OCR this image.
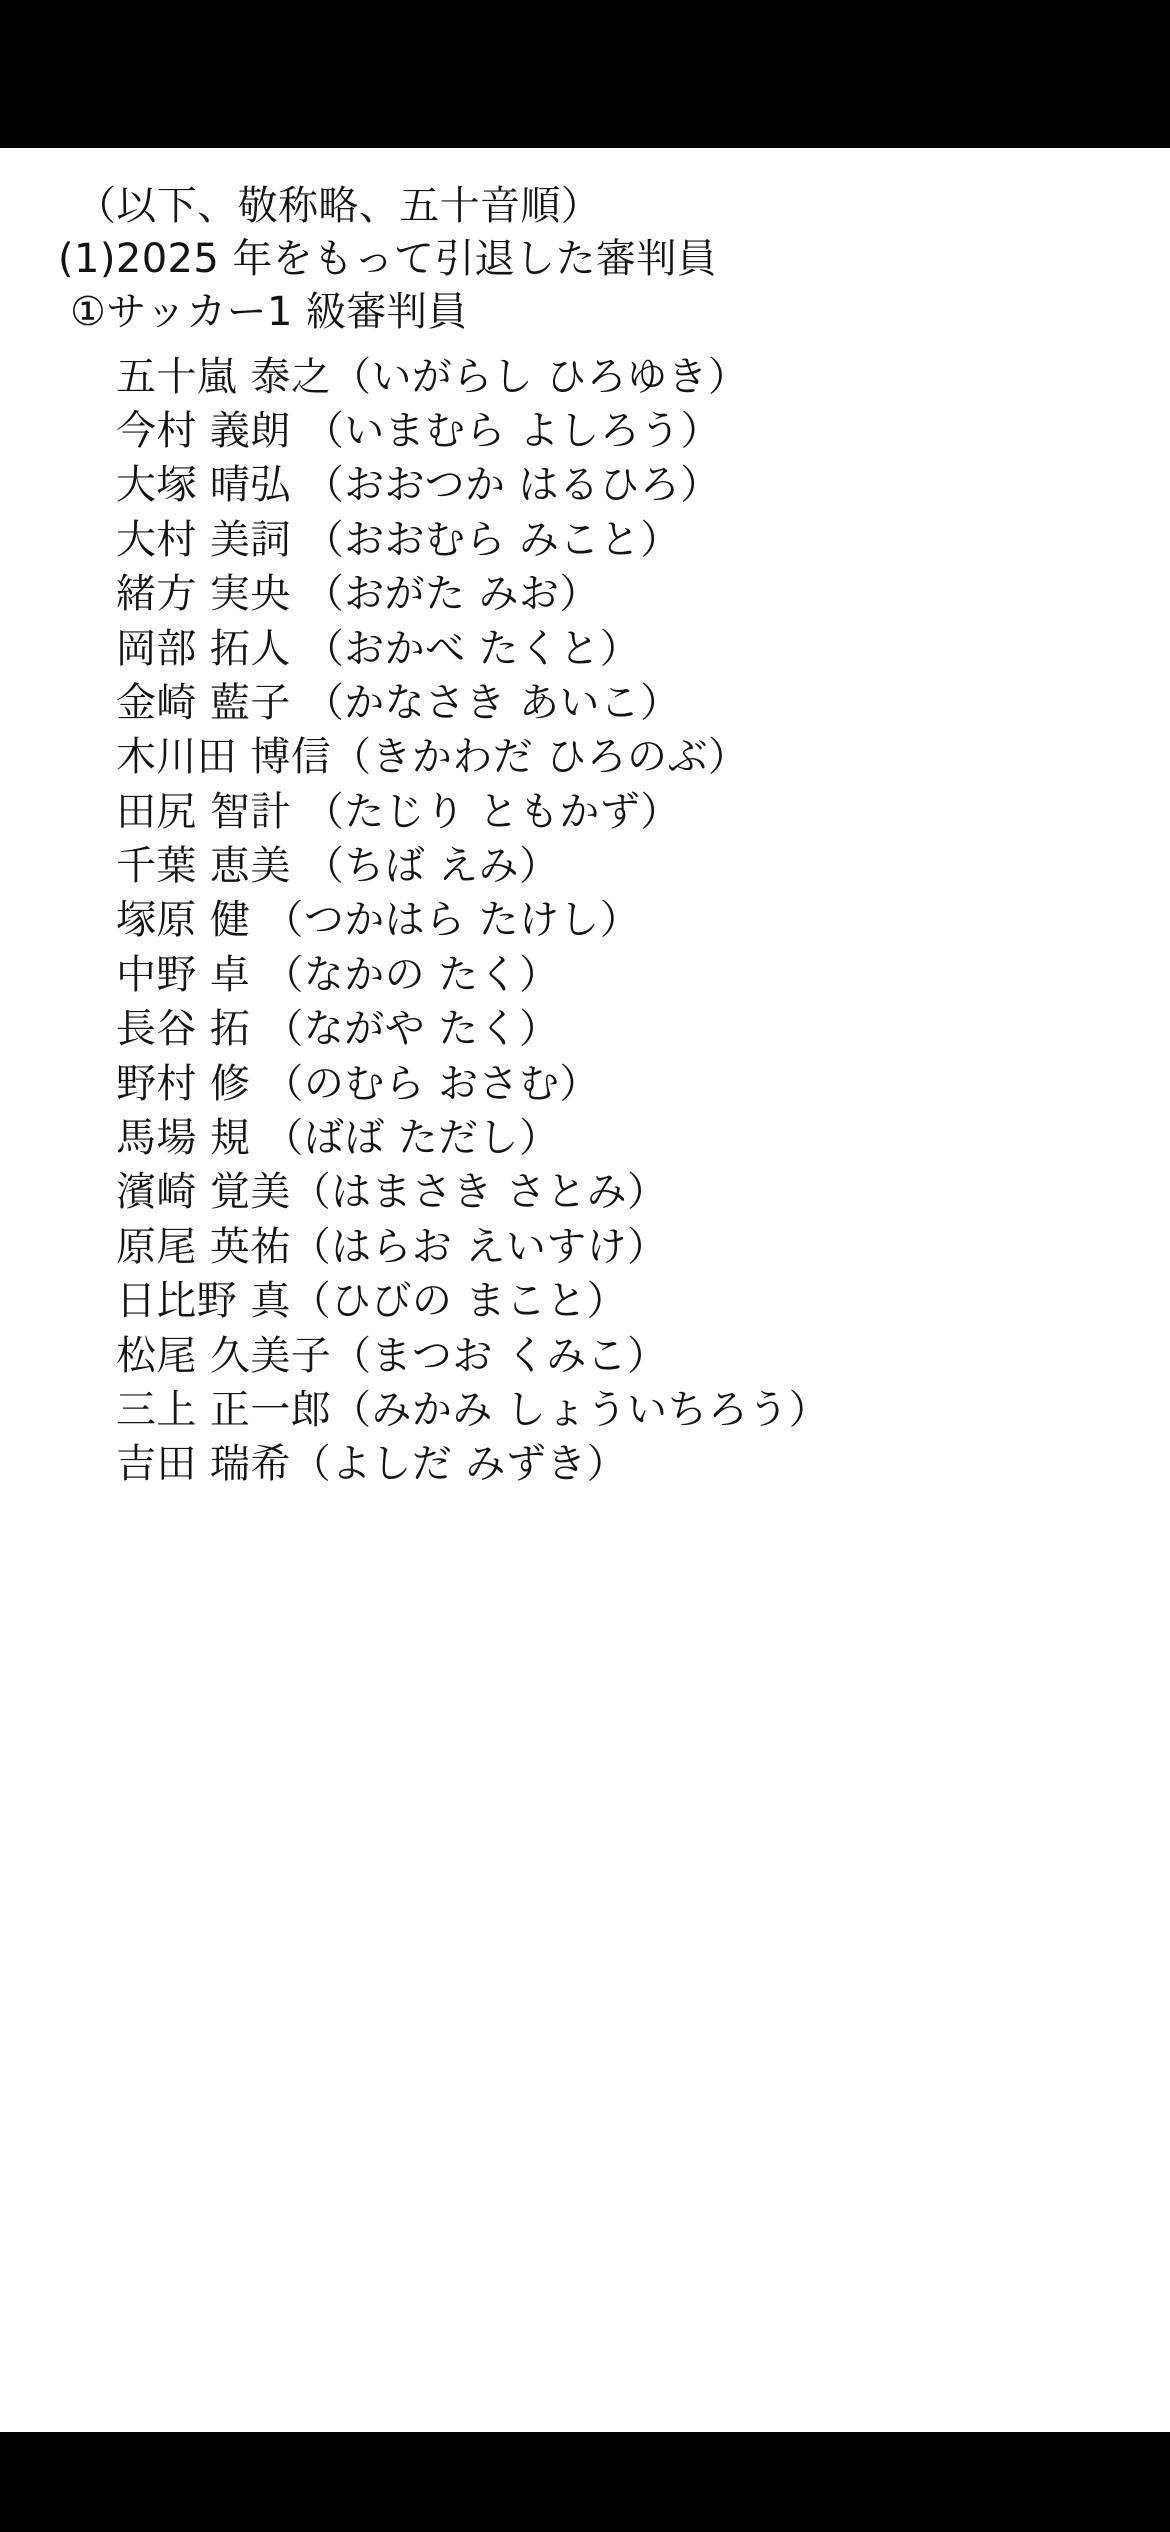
（以下、敬称略、五十音順）
(1)2025 年をもって引退した審判員
①サッカー1 級審判員
五十嵐 泰之（いがらし ひろゆき）
今村 義朗 （いまむら よしろう）
大塚 晴弘 （おおつか はるひろ）
大村 美詞 （おおむら みこと）
緒方 実央 （おがた みお）
岡部 拓人 （おかべ たくと）
金崎 藍子 （かなさき あいこ）
木川田 博信（きかわだ ひろのぶ）
田尻 智計 （たじり ともかず）
千葉 恵美 （ちば えみ）
塚原 健 （つかはら たけし）
中野 卓 （なかの たく）
長谷 拓 （ながや たく）
野村 修 （のむら おさむ）
馬場 規 （ばば ただし）
濱崎 覚美（はまさき さとみ）
原尾 英祐（はらお えいすけ）
日比野 真（ひびの まこと）
松尾 久美子（まつお くみこ）
三上 正一郎（みかみ しょういちろう）
吉田 瑞希（よしだ みずき）
